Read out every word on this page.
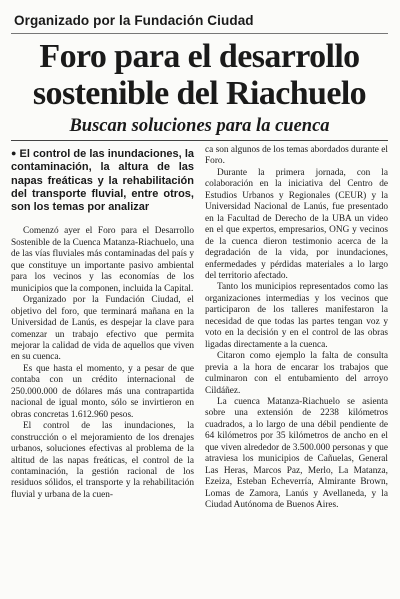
Organizado por la Fundación Ciudad
Foro para el desarrollo
sostenible del Riachuelo
Buscan soluciones para la cuenca
● El control de las inundaciones, la contaminación, la altura de las napas freáticas y la rehabilitación del transporte fluvial, entre otros, son los temas por analizar

Comenzó ayer el Foro para el Desarrollo Sostenible de la Cuenca Matanza-Riachuelo, una de las vías fluviales más contaminadas del país y que constituye un importante pasivo ambiental para los vecinos y las economías de los municipios que la componen, incluida la Capital.

Organizado por la Fundación Ciudad, el objetivo del foro, que terminará mañana en la Universidad de Lanús, es despejar la clave para comenzar un trabajo efectivo que permita mejorar la calidad de vida de aquellos que viven en su cuenca.

Es que hasta el momento, y a pesar de que contaba con un crédito internacional de 250.000.000 de dólares más una contrapartida nacional de igual monto, sólo se invirtieron en obras concretas 1.612.960 pesos.

El control de las inundaciones, la construcción o el mejoramiento de los drenajes urbanos, soluciones efectivas al problema de la altitud de las napas freáticas, el control de la contaminación, la gestión racional de los residuos sólidos, el transporte y la rehabilitación fluvial y urbana de la cuen-

ca son algunos de los temas abordados durante el Foro.

Durante la primera jornada, con la colaboración en la iniciativa del Centro de Estudios Urbanos y Regionales (CEUR) y la Universidad Nacional de Lanús, fue presentado en la Facultad de Derecho de la UBA un video en el que expertos, empresarios, ONG y vecinos de la cuenca dieron testimonio acerca de la degradación de la vida, por inundaciones, enfermedades y pérdidas materiales a lo largo del territorio afectado.

Tanto los municipios representados como las organizaciones intermedias y los vecinos que participaron de los talleres manifestaron la necesidad de que todas las partes tengan voz y voto en la decisión y en el control de las obras ligadas directamente a la cuenca.

Citaron como ejemplo la falta de consulta previa a la hora de encarar los trabajos que culminaron con el entubamiento del arroyo Cildáñez.

La cuenca Matanza-Riachuelo se asienta sobre una extensión de 2238 kilómetros cuadrados, a lo largo de una débil pendiente de 64 kilómetros por 35 kilómetros de ancho en el que viven alrededor de 3.500.000 personas y que atraviesa los municipios de Cañuelas, General Las Heras, Marcos Paz, Merlo, La Matanza, Ezeiza, Esteban Echeverría, Almirante Brown, Lomas de Zamora, Lanús y Avellaneda, y la Ciudad Autónoma de Buenos Aires.
